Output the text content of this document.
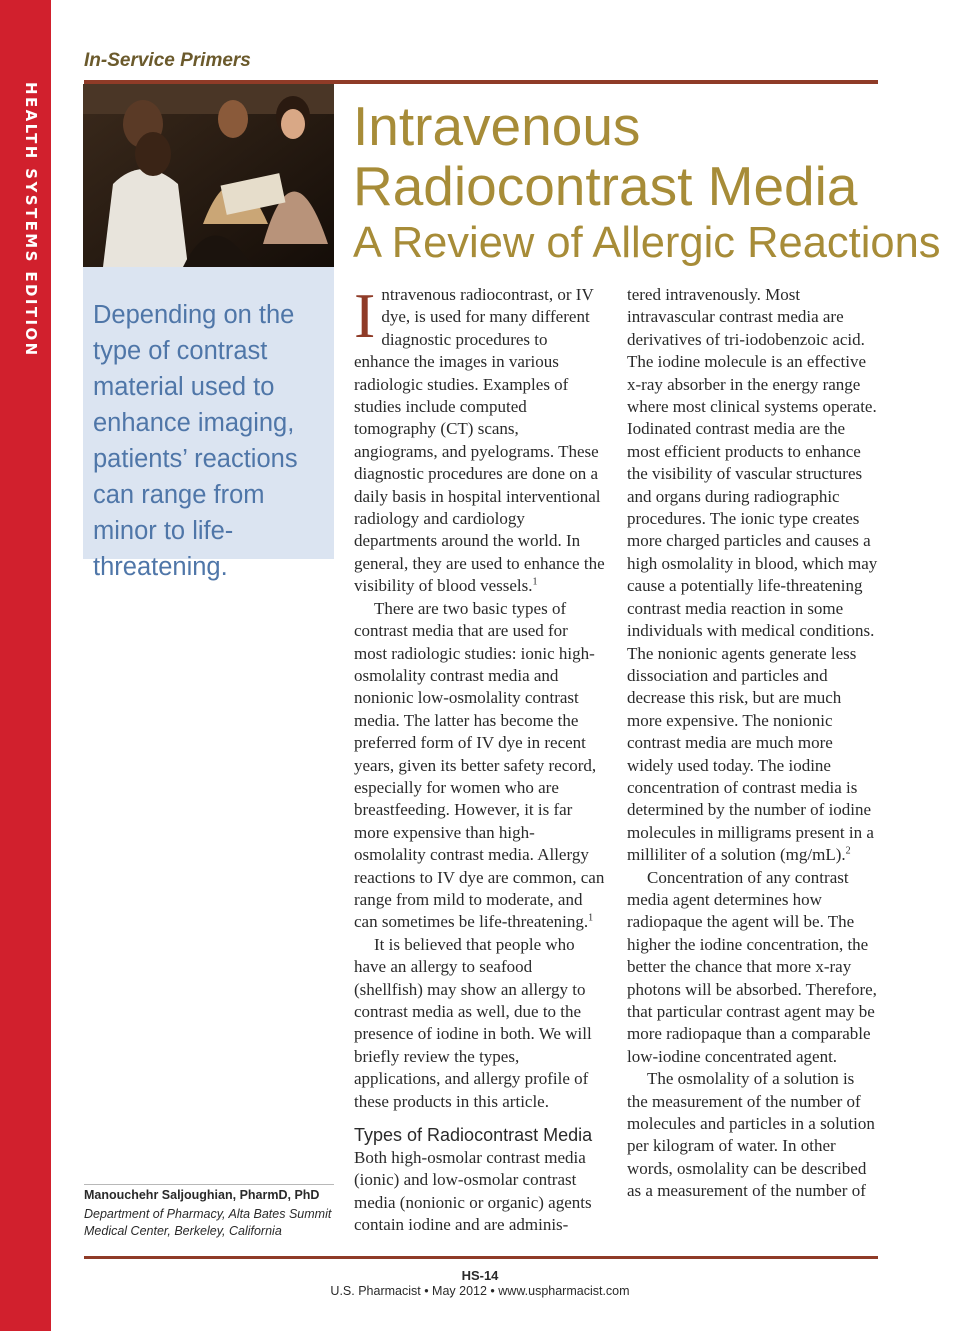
HEALTH SYSTEMS EDITION
In-Service Primers

Depending on the type of contrast material used to enhance imaging, patients’ reactions can range from minor to life-threatening.

Intravenous
Radiocontrast Media
A Review of Allergic Reactions

Intravenous radiocontrast, or IV dye, is used for many different diagnostic procedures to enhance the images in various radiologic studies. Examples of studies include computed tomography (CT) scans, angiograms, and pyelograms. These diagnostic procedures are done on a daily basis in hospital interventional radiology and cardiology departments around the world. In general, they are used to enhance the visibility of blood vessels.$^1$

There are two basic types of contrast media that are used for most radiologic studies: ionic high-osmolality contrast media and nonionic low-osmolality contrast media. The latter has become the preferred form of IV dye in recent years, given its better safety record, especially for women who are breastfeeding. However, it is far more expensive than high-osmolality contrast media. Allergy reactions to IV dye are common, can range from mild to moderate, and can sometimes be life-threatening.$^1$

It is believed that people who have an allergy to seafood (shellfish) may show an allergy to contrast media as well, due to the presence of iodine in both. We will briefly review the types, applications, and allergy profile of these products in this article.

Types of Radiocontrast Media

Both high-osmolar contrast media (ionic) and low-osmolar contrast media (nonionic or organic) agents contain iodine and are adminis-

tered intravenously. Most intravascular contrast media are derivatives of tri-iodobenzoic acid. The iodine molecule is an effective x-ray absorber in the energy range where most clinical systems operate. Iodinated contrast media are the most efficient products to enhance the visibility of vascular structures and organs during radiographic procedures. The ionic type creates more charged particles and causes a high osmolality in blood, which may cause a potentially life-threatening contrast media reaction in some individuals with medical conditions. The nonionic agents generate less dissociation and particles and decrease this risk, but are much more expensive. The nonionic contrast media are much more widely used today. The iodine concentration of contrast media is determined by the number of iodine molecules in milligrams present in a milliliter of a solution (mg/mL).$^2$

Concentration of any contrast media agent determines how radiopaque the agent will be. The higher the iodine concentration, the better the chance that more x-ray photons will be absorbed. Therefore, that particular contrast agent may be more radiopaque than a comparable low-iodine concentrated agent.

The osmolality of a solution is the measurement of the number of molecules and particles in a solution per kilogram of water. In other words, osmolality can be described as a measurement of the number of

Manouchehr Saljoughian, PharmD, PhD
Department of Pharmacy, Alta Bates Summit Medical Center, Berkeley, California
HS-14
U.S. Pharmacist • May 2012 • www.uspharmacist.com
